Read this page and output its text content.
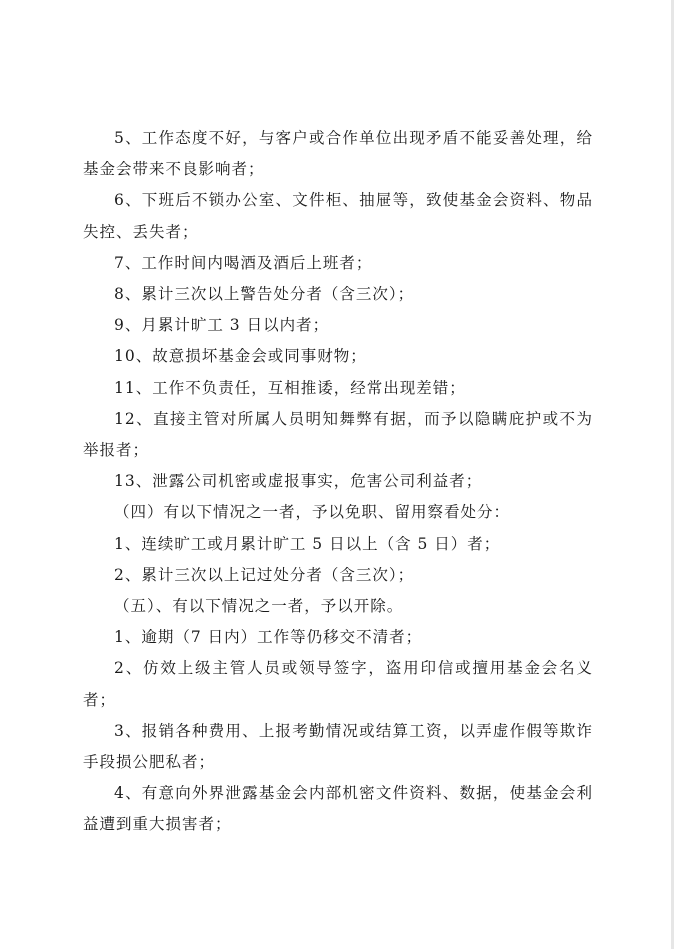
5、工作态度不好，与客户或合作单位出现矛盾不能妥善处理，给基金会带来不良影响者；

6、下班后不锁办公室、文件柜、抽屉等，致使基金会资料、物品失控、丢失者；

7、工作时间内喝酒及酒后上班者；

8、累计三次以上警告处分者（含三次）；

9、月累计旷工 3 日以内者；

10、故意损坏基金会或同事财物；

11、工作不负责任，互相推诿，经常出现差错；

12、直接主管对所属人员明知舞弊有据，而予以隐瞒庇护或不为举报者；

13、泄露公司机密或虚报事实，危害公司利益者；

（四）有以下情况之一者，予以免职、留用察看处分：

1、连续旷工或月累计旷工 5 日以上（含 5 日）者；

2、累计三次以上记过处分者（含三次）；

（五）、有以下情况之一者，予以开除。

1、逾期（7 日内）工作等仍移交不清者；

2、仿效上级主管人员或领导签字，盗用印信或擅用基金会名义者；

3、报销各种费用、上报考勤情况或结算工资，以弄虚作假等欺诈手段损公肥私者；

4、有意向外界泄露基金会内部机密文件资料、数据，使基金会利益遭到重大损害者；
